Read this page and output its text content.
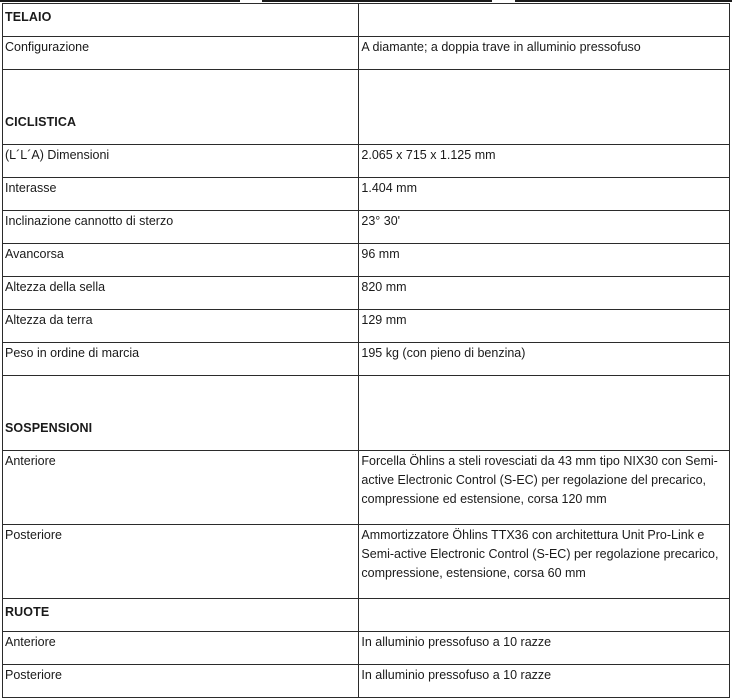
TELAIO	
Configurazione	A diamante; a doppia trave in alluminio pressofuso
CICLISTICA	
(L´L´A) Dimensioni	2.065 x 715 x 1.125 mm
Interasse	1.404 mm
Inclinazione cannotto di sterzo	23° 30'
Avancorsa	96 mm
Altezza della sella	820 mm
Altezza da terra	129 mm
Peso in ordine di marcia	195 kg (con pieno di benzina)
SOSPENSIONI	
Anteriore	Forcella Öhlins a steli rovesciati da 43 mm tipo NIX30 con Semi-active Electronic Control (S-EC) per regolazione del precarico, compressione ed estensione, corsa 120 mm
Posteriore	Ammortizzatore Öhlins TTX36 con architettura Unit Pro-Link e Semi-active Electronic Control (S-EC) per regolazione precarico, compressione, estensione, corsa 60 mm
RUOTE	
Anteriore	In alluminio pressofuso a 10 razze
Posteriore	In alluminio pressofuso a 10 razze
